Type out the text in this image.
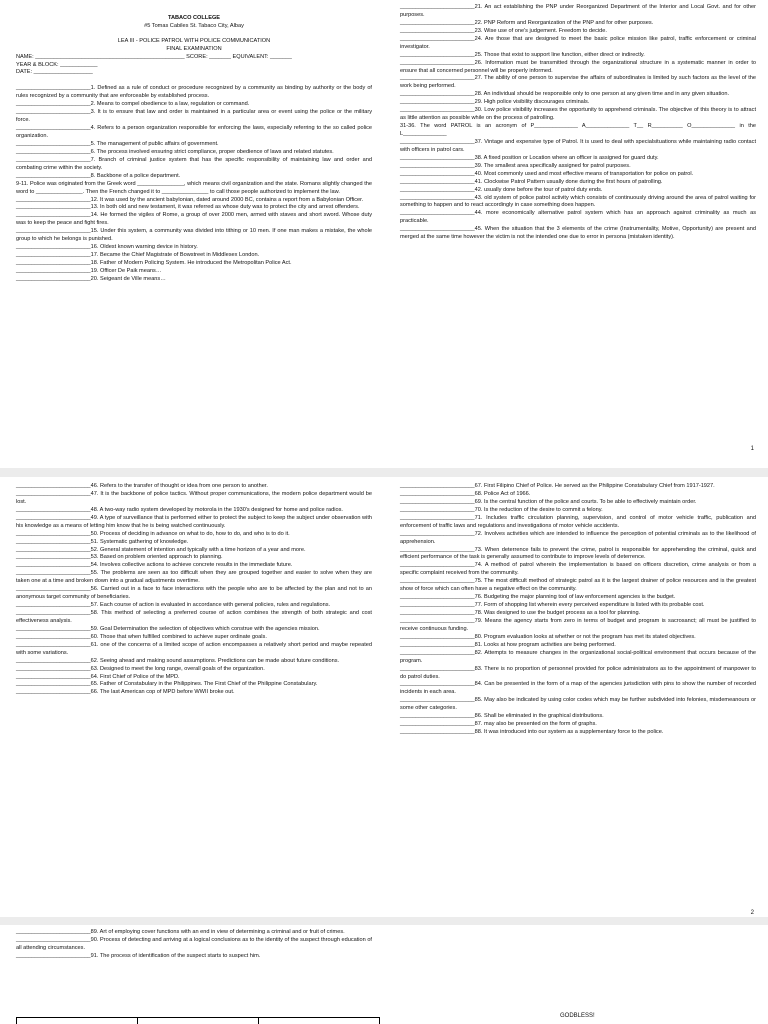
TABACO COLLEGE
#5 Tomas Cabiles St. Tabaco City, Albay
LEA III - POLICE PATROL WITH POLICE COMMUNICATION
FINAL EXAMINATION
NAME: ________________________________________________ SCORE: _______ EQUIVALENT: _______
YEAR & BLOCK: ____________
DATE: ___________________

________________________1. Defined as a rule of conduct or procedure recognized by a community as binding by authority or the body of rules recognized by a community that are enforceable by established process.

________________________2. Means to compel obedience to a law, regulation or command.

________________________3. It is to ensure that law and order is maintained in a particular area or event using the police or the military force.

________________________4. Refers to a person organization responsible for enforcing the laws, especially referring to the so called police organization.

________________________5. The management of public affairs of government.

________________________6. The process involved ensuring strict compliance, proper obedience of laws and related statutes.

________________________7. Branch of criminal justice system that has the specific responsibility of maintaining law and order and combating crime within the society.

________________________8. Backbone of a police department.

9-11. Police was originated from the Greek word _______________, which means civil organization and the state. Romans slightly changed the word to _______________. Then the French changed it to _______________ to call those people authorized to implement the law.

________________________12. It was used by the ancient babylonian, dated around 2000 BC, contains a report from a Babylonian Officer.

________________________13. In both old and new testament, it was referred as whose duty was to protect the city and arrest offenders.

________________________14. He formed the vigiles of Rome, a group of over 2000 men, armed with staves and short sword. Whose duty was to keep the peace and fight fires.

________________________15. Under this system, a community was divided into tithing or 10 men. If one man makes a mistake, the whole group to which he belongs is punished.

________________________16. Oldest known warning device in history.

________________________17. Became the Chief Magistrate of Bowstreet in Middlesex London.

________________________18. Father of Modern Policing System. He introduced the Metropolitan Police Act.

________________________19. Officer De Paik means…

________________________20. Seigeant de Ville means…

________________________21. An act establishing the PNP under Reorganized Department of the Interior and Local Govt. and for other purposes.

________________________22. PNP Reform and Reorganization of the PNP and for other purposes.

________________________23. Wise use of one's judgement. Freedom to decide.

________________________24. Are those that are designed to meet the basic police mission like patrol, traffic enforcement or criminal investigator.

________________________25. Those that exist to support line function, either direct or indirectly.

________________________26. Information must be transmitted through the organizational structure in a systematic manner in order to ensure that all concerned personnel will be properly informed.

________________________27. The ability of one person to supervise the affairs of subordinates is limited by such factors as the level of the work being performed.

________________________28. An individual should be responsible only to one person at any given time and in any given situation.

________________________29. High police visibility discourages criminals.

________________________30. Low police visibility increases the opportunity to apprehend criminals. The objective of this theory is to attract as little attention as possible while on the process of patrolling.

31-36. The word PATROL is an acronym of P______________ A______________ T__ R__________ O______________ in the L______________

________________________37. Vintage and expensive type of Patrol. It is used to deal with specialsituations while maintaining radio contact with officers in patrol cars.

________________________38. A fixed position or Location where an officer is assigned for guard duty.

________________________39. The smallest area specifically assigned for patrol purposes.

________________________40. Most commonly used and most effective means of transportation for police on patrol.

________________________41. Clockwise Patrol Pattern usually done during the first hours of patrolling.

________________________42. usually done before the tour of patrol duty ends.

________________________43. old system of police patrol activity which consists of continuously driving around the area of patrol waiting for something to happen and to react accordingly in case something does happen.

________________________44. more economically alternative patrol system which has an approach against criminality as much as practicable.

________________________45. When the situation that the 3 elements of the crime (Instrumentality, Motive, Opportunity) are present and merged at the same time however the victim is not the intended one due to error in persona (mistaken identity).

1

________________________46. Refers to the transfer of thought or idea from one person to another.

________________________47. It is the backbone of police tactics. Without proper communications, the modern police department would be lost.

________________________48. A two-way radio system developed by motorola in the 1930's designed for home and police radios.

________________________49. A type of surveillance that is performed either to protect the subject to keep the subject under observation with his knowledge as a means of letting him know that he is being watched continuously.

________________________50. Process of deciding in advance on what to do, how to do, and who is to do it.

________________________51. Systematic gathering of knowledge.

________________________52. General statement of intention and typically with a time horizon of a year and more.

________________________53. Based on problem oriented approach to planning.

________________________54. Involves collective actions to achieve concrete results in the immediate future.

________________________55. The problems are seen as too difficult when they are grouped together and easier to solve when they are taken one at a time and broken down into a gradual adjustments overtime.

________________________56. Carried out in a face to face interactions with the people who are to be affected by the plan and not to an anonymous target community of beneficiaries.

________________________57. Each course of action is evaluated in accordance with general policies, rules and regulations.

________________________58. This method of selecting a preferred course of action combines the strength of both strategic and cost effectiveness analysis.

________________________59. Goal Determination the selection of objectives which construe with the agencies mission.

________________________60. Those that when fulfilled combined to achieve super ordinate goals.

________________________61. one of the concerns of a limited scope of action encompasses a relatively short period and maybe repeated with some variations.

________________________62. Seeing ahead and making sound assumptions. Predictions can be made about future conditions.

________________________63. Designed to meet the long range, overall goals of the organization.

________________________64. First Chief of Police of the MPD.

________________________65. Father of Constabulary in the Philippines. The First Chief of the Philippine Constabulary.

________________________66. The last American cop of MPD before WWII broke out.

________________________67. First Filipino Chief of Police. He served as the Philippine Constabulary Chief from 1917-1927.

________________________68. Police Act of 1966.

________________________69. Is the central function of the police and courts. To be able to effectively maintain order.

________________________70. Is the reduction of the desire to commit a felony.

________________________71. Includes traffic circulation planning, supervision, and control of motor vehicle traffic, publication and enforcement of traffic laws and regulations and investigations of motor vehicle accidents.

________________________72. Involves activities which are intended to influence the perception of potential criminals as to the likelihood of apprehension.

________________________73. When deterrence fails to prevent the crime, patrol is responsible for apprehending the criminal, quick and efficient performance of the task is generally assumed to contribute to improve levels of deterrence.

________________________74. A method of patrol wherein the implementation is based on officers discretion, crime analysis or from a specific complaint received from the community.

________________________75. The most difficult method of strategic patrol as it is the largest drainer of police resources and is the greatest show of force which can often have a negative effect on the community.

________________________76. Budgeting the major planning tool of law enforcement agencies is the budget.

________________________77. Form of shopping list wherein every perceived expenditure is listed with its probable cost.

________________________78. Was designed to use the budget process as a tool for planning.

________________________79. Means the agency starts from zero in terms of budget and program is sacrosanct; all must be justified to receive continuous funding.

________________________80. Program evaluation looks at whether or not the program has met its stated objectives.

________________________81. Looks at how program activities are being performed.

________________________82. Attempts to measure changes in the organizational social-political environment that occurs because of the program.

________________________83. There is no proportion of personnel provided for police administrators as to the appointment of manpower to do patrol duties.

________________________84. Can be presented in the form of a map of the agencies jurisdiction with pins to show the number of recorded incidents in each area.

________________________85. May also be indicated by using color codes which may be further subdivided into felonies, misdemeanours or some other categories.

________________________86. Shall be eliminated in the graphical distributions.

________________________87. may also be presented on the form of graphs.

________________________88. It was introduced into our system as a supplementary force to the police.

2

________________________89. Art of employing cover functions with an end in view of determining a criminal and or fruit of crimes.

________________________90. Process of detecting and arriving at a logical conclusions as to the identity of the suspect through education of all attending circumstances.

________________________91. The process of identification of the suspect starts to suspect him.

GODBLESS!
